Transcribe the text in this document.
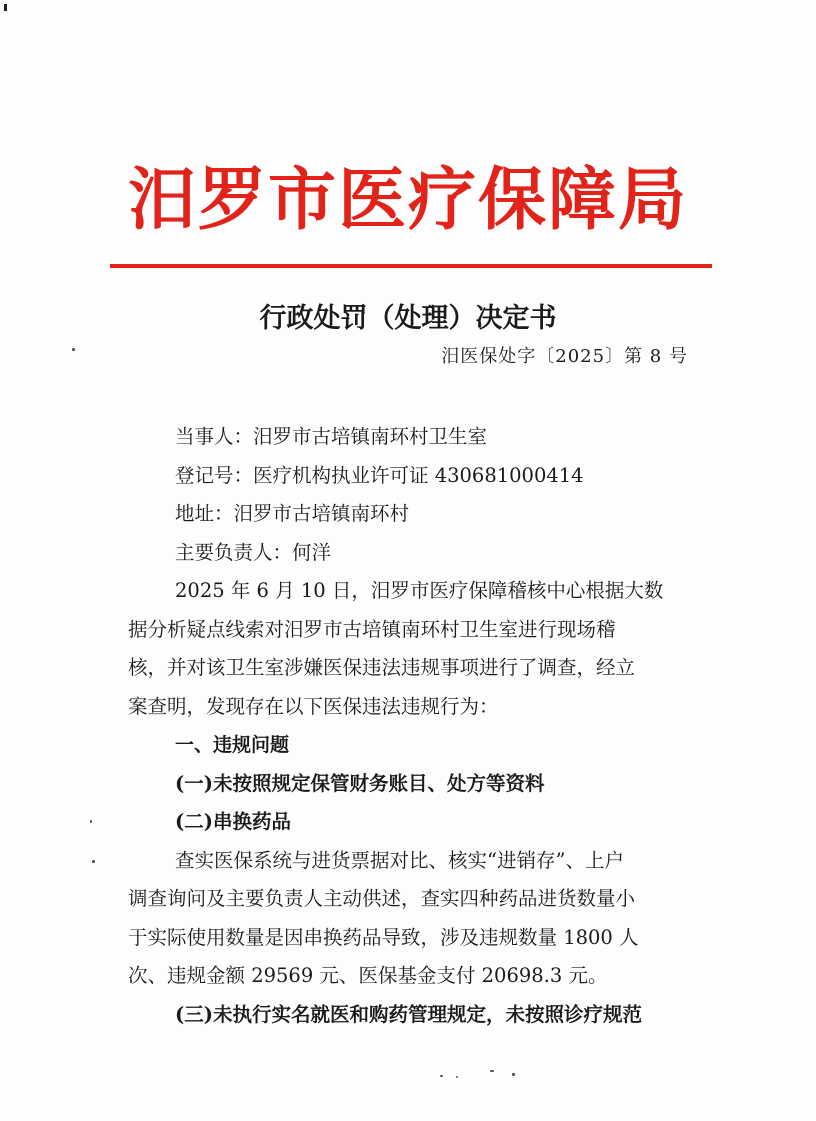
汨罗市医疗保障局
行政处罚（处理）决定书
汨医保处字〔2025〕第 8 号

当事人：汨罗市古培镇南环村卫生室

登记号：医疗机构执业许可证 430681000414

地址：汨罗市古培镇南环村

主要负责人：何洋

2025 年 6 月 10 日，汨罗市医疗保障稽核中心根据大数

据分析疑点线索对汨罗市古培镇南环村卫生室进行现场稽

核，并对该卫生室涉嫌医保违法违规事项进行了调查，经立

案查明，发现存在以下医保违法违规行为：

一、违规问题

(一)未按照规定保管财务账目、处方等资料

(二)串换药品

查实医保系统与进货票据对比、核实“进销存”、上户

调查询问及主要负责人主动供述，查实四种药品进货数量小

于实际使用数量是因串换药品导致，涉及违规数量 1800 人

次、违规金额 29569 元、医保基金支付 20698.3 元。

(三)未执行实名就医和购药管理规定，未按照诊疗规范
